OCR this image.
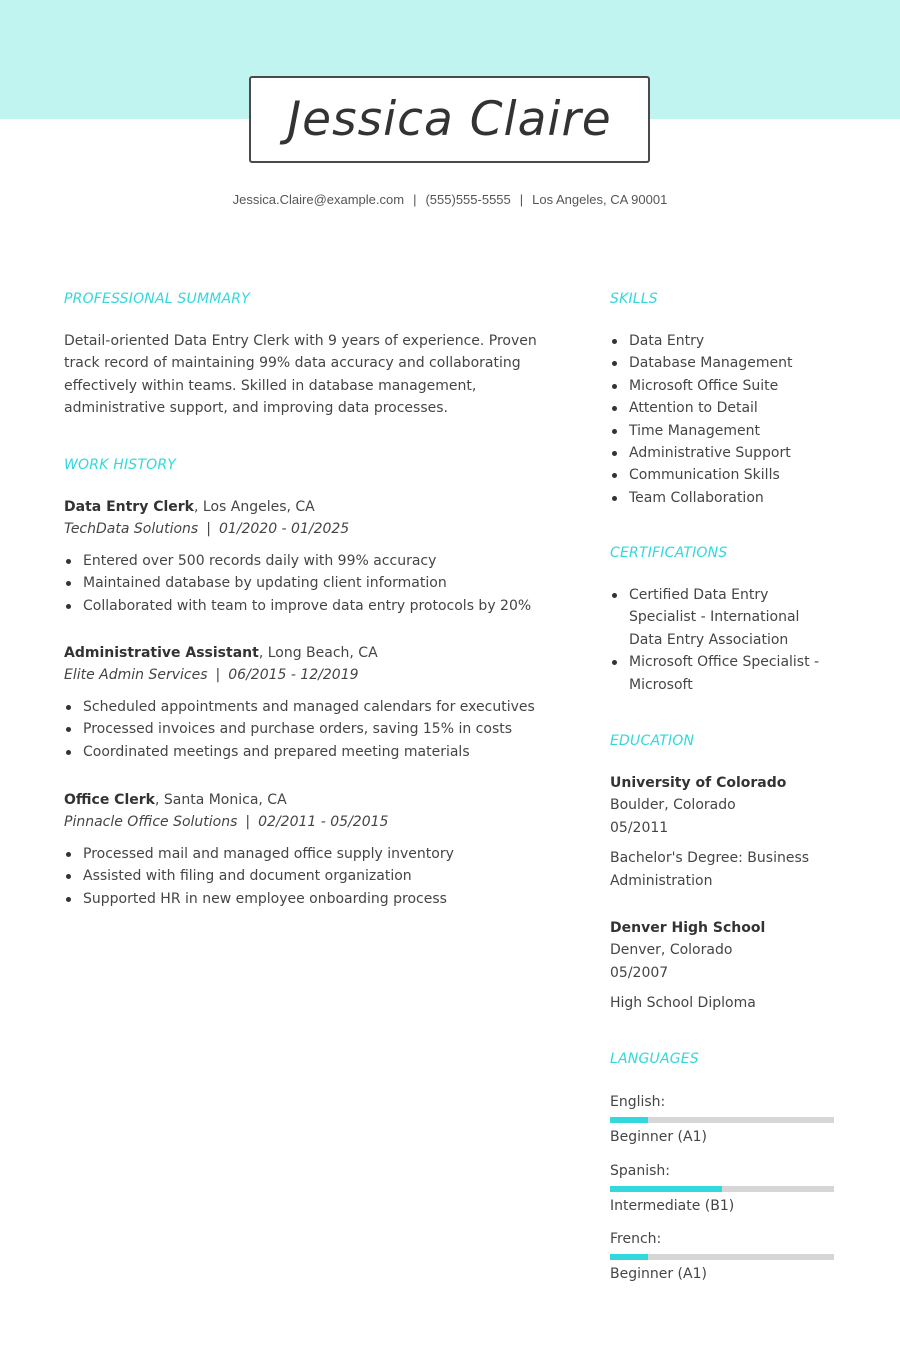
Jessica Claire
Jessica.Claire@example.com | (555)555-5555 | Los Angeles, CA 90001
PROFESSIONAL SUMMARY

Detail-oriented Data Entry Clerk with 9 years of experience. Proven track record of maintaining 99% data accuracy and collaborating effectively within teams. Skilled in database management, administrative support, and improving data processes.

WORK HISTORY
Data Entry Clerk, Los Angeles, CA
TechData Solutions | 01/2020 - 01/2025
Entered over 500 records daily with 99% accuracy
Maintained database by updating client information
Collaborated with team to improve data entry protocols by 20%
Administrative Assistant, Long Beach, CA
Elite Admin Services | 06/2015 - 12/2019
Scheduled appointments and managed calendars for executives
Processed invoices and purchase orders, saving 15% in costs
Coordinated meetings and prepared meeting materials
Office Clerk, Santa Monica, CA
Pinnacle Office Solutions | 02/2011 - 05/2015
Processed mail and managed office supply inventory
Assisted with filing and document organization
Supported HR in new employee onboarding process
SKILLS
Data Entry
Database Management
Microsoft Office Suite
Attention to Detail
Time Management
Administrative Support
Communication Skills
Team Collaboration
CERTIFICATIONS
Certified Data Entry Specialist - International Data Entry Association
Microsoft Office Specialist - Microsoft
EDUCATION
University of Colorado
Boulder, Colorado
05/2011
Bachelor's Degree: Business Administration
Denver High School
Denver, Colorado
05/2007
High School Diploma
LANGUAGES
English:
Beginner (A1)
Spanish:
Intermediate (B1)
French:
Beginner (A1)
